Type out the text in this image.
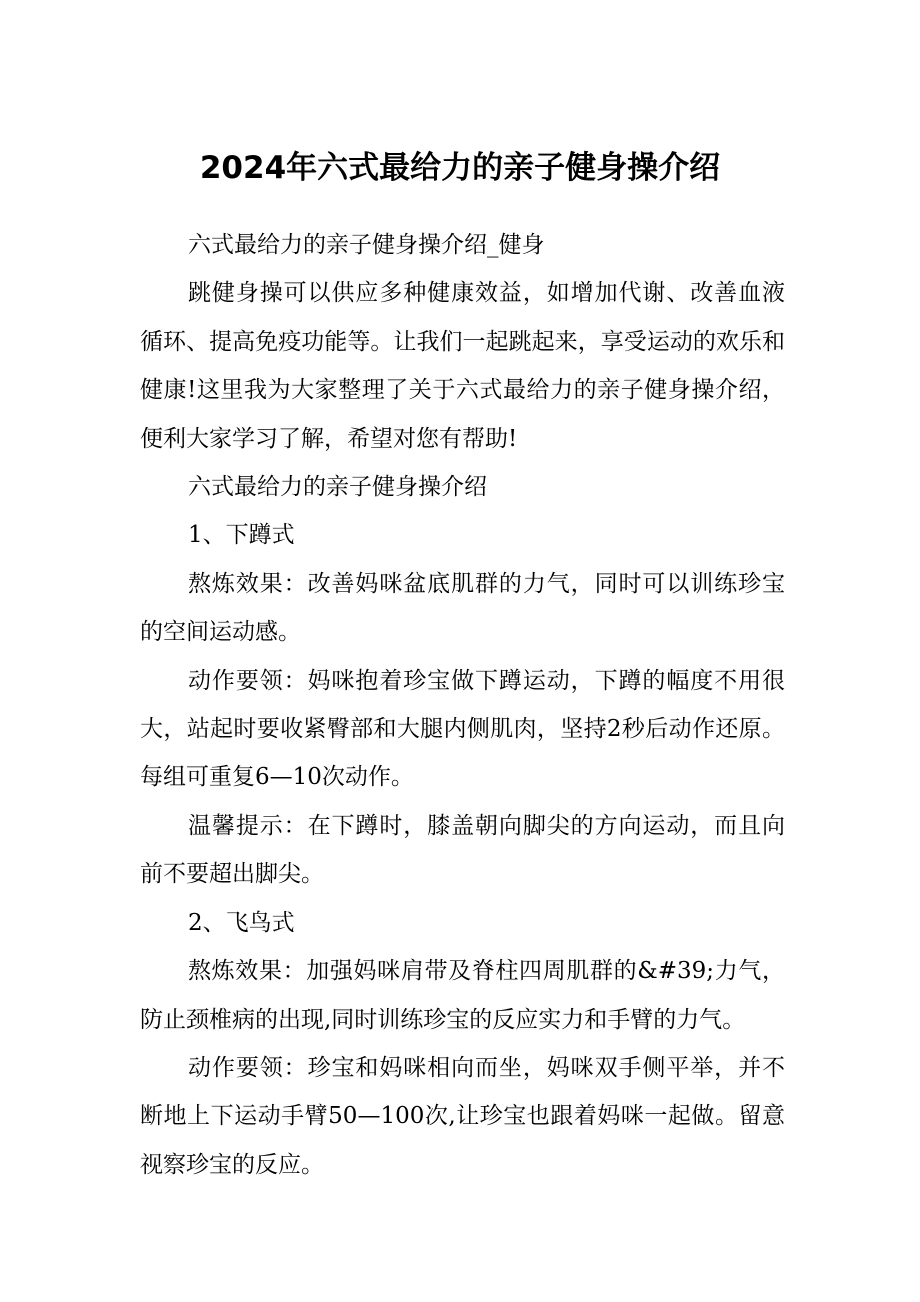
2024年六式最给力的亲子健身操介绍

六式最给力的亲子健身操介绍_健身

跳健身操可以供应多种健康效益，如增加代谢、改善血液循环、提高免疫功能等。让我们一起跳起来，享受运动的欢乐和健康!这里我为大家整理了关于六式最给力的亲子健身操介绍，便利大家学习了解，希望对您有帮助!

六式最给力的亲子健身操介绍

1、下蹲式

熬炼效果：改善妈咪盆底肌群的力气，同时可以训练珍宝的空间运动感。

动作要领：妈咪抱着珍宝做下蹲运动，下蹲的幅度不用很大，站起时要收紧臀部和大腿内侧肌肉，坚持2秒后动作还原。每组可重复6—10次动作。

温馨提示：在下蹲时，膝盖朝向脚尖的方向运动，而且向前不要超出脚尖。

2、飞鸟式

熬炼效果：加强妈咪肩带及脊柱四周肌群的&#39;力气，防止颈椎病的出现,同时训练珍宝的反应实力和手臂的力气。

动作要领：珍宝和妈咪相向而坐，妈咪双手侧平举，并不断地上下运动手臂50—100次,让珍宝也跟着妈咪一起做。留意视察珍宝的反应。
